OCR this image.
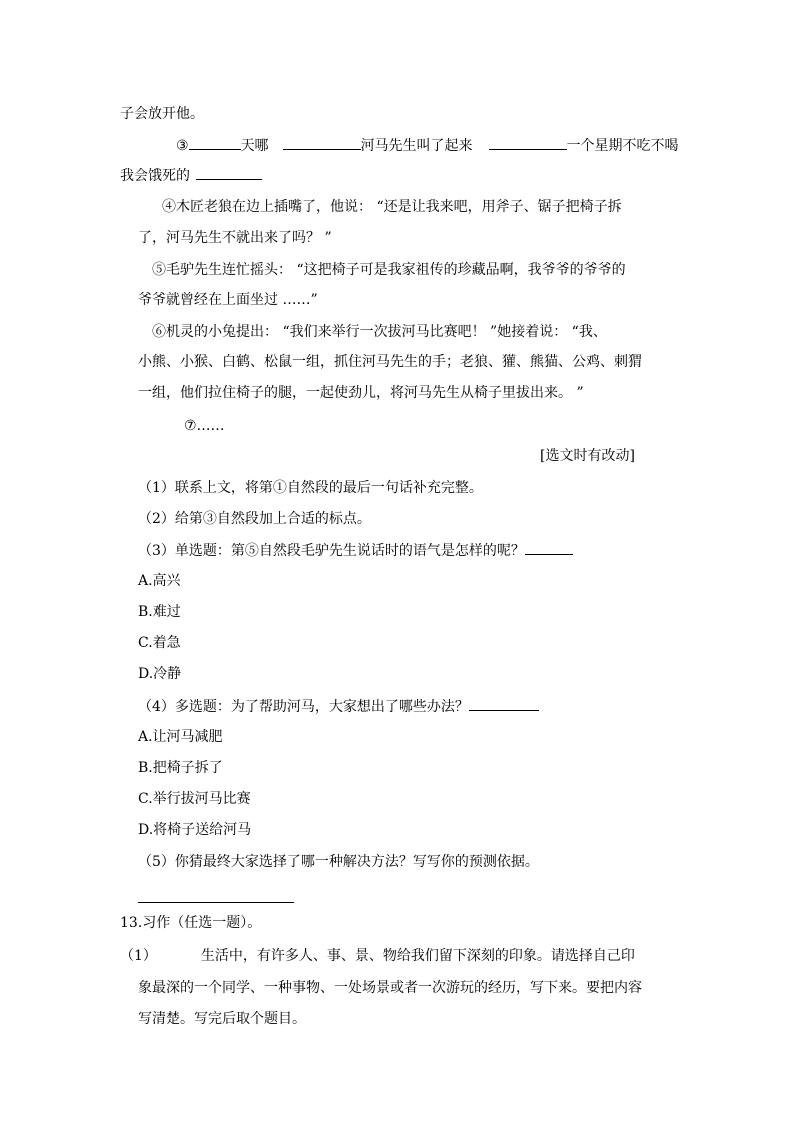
子会放开他。
③	天哪	河马先生叫了起来	一个星期不吃不喝
我会饿死的
④木匠老狼在边上插嘴了，他说： “还是让我来吧，用斧子、锯子把椅子拆
了，河马先生不就出来了吗？ ”
⑤毛驴先生连忙摇头： “这把椅子可是我家祖传的珍藏品啊，我爷爷的爷爷的
爷爷就曾经在上面坐过 ……”
⑥机灵的小兔提出： “我们来举行一次拔河马比赛吧！ ”她接着说： “我、
小熊、小猴、白鹤、松鼠一组，抓住河马先生的手；老狼、獾、熊猫、公鸡、刺猬
一组，他们拉住椅子的腿，一起使劲儿，将河马先生从椅子里拔出来。 ”
⑦……
[选文时有改动]
（1）联系上文，将第①自然段的最后一句话补充完整。
（2）给第③自然段加上合适的标点。
（3）单选题：第⑤自然段毛驴先生说话时的语气是怎样的呢？
A.高兴
B.难过
C.着急
D.冷静
（4）多选题：为了帮助河马，大家想出了哪些办法？
A.让河马减肥
B.把椅子拆了
C.举行拔河马比赛
D.将椅子送给河马
（5）你猜最终大家选择了哪一种解决方法？写写你的预测依据。
13.习作（任选一题）。
（1）	生活中，有许多人、事、景、物给我们留下深刻的印象。请选择自己印
象最深的一个同学、一种事物、一处场景或者一次游玩的经历，写下来。要把内容
写清楚。写完后取个题目。
